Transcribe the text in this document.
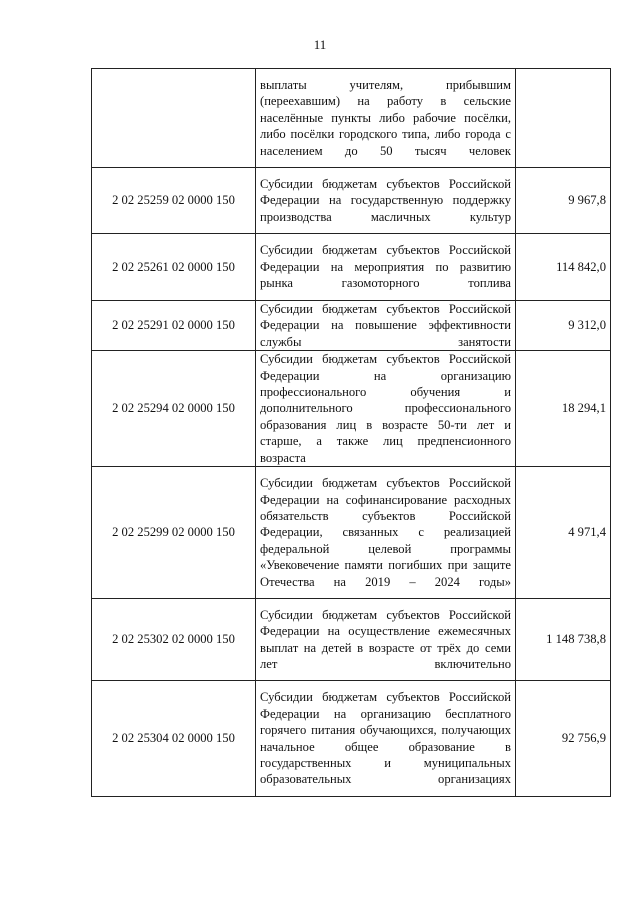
11
	выплаты учителям, прибывшим (переехавшим) на работу в сельские населённые пункты либо рабочие посёлки, либо посёлки городского типа, либо города с населением до 50 тысяч человек	
2 02 25259 02 0000 150	Субсидии бюджетам субъектов Российской Федерации на государственную поддержку производства масличных культур	9 967,8
2 02 25261 02 0000 150	Субсидии бюджетам субъектов Российской Федерации на мероприятия по развитию рынка газомоторного топлива	114 842,0
2 02 25291 02 0000 150	Субсидии бюджетам субъектов Российской Федерации на повышение эффективности службы занятости	9 312,0
2 02 25294 02 0000 150	Субсидии бюджетам субъектов Российской Федерации на организацию профессионального обучения и дополнительного профессионального образования лиц в возрасте 50-ти лет и старше, а также лиц предпенсионного возраста	18 294,1
2 02 25299 02 0000 150	Субсидии бюджетам субъектов Российской Федерации на софинансирование расходных обязательств субъектов Российской Федерации, связанных с реализацией федеральной целевой программы «Увековечение памяти погибших при защите Отечества на 2019 – 2024 годы»	4 971,4
2 02 25302 02 0000 150	Субсидии бюджетам субъектов Российской Федерации на осуществление ежемесячных выплат на детей в возрасте от трёх до семи лет включительно	1 148 738,8
2 02 25304 02 0000 150	Субсидии бюджетам субъектов Российской Федерации на организацию бесплатного горячего питания обучающихся, получающих начальное общее образование в государственных и муниципальных образовательных организациях	92 756,9
